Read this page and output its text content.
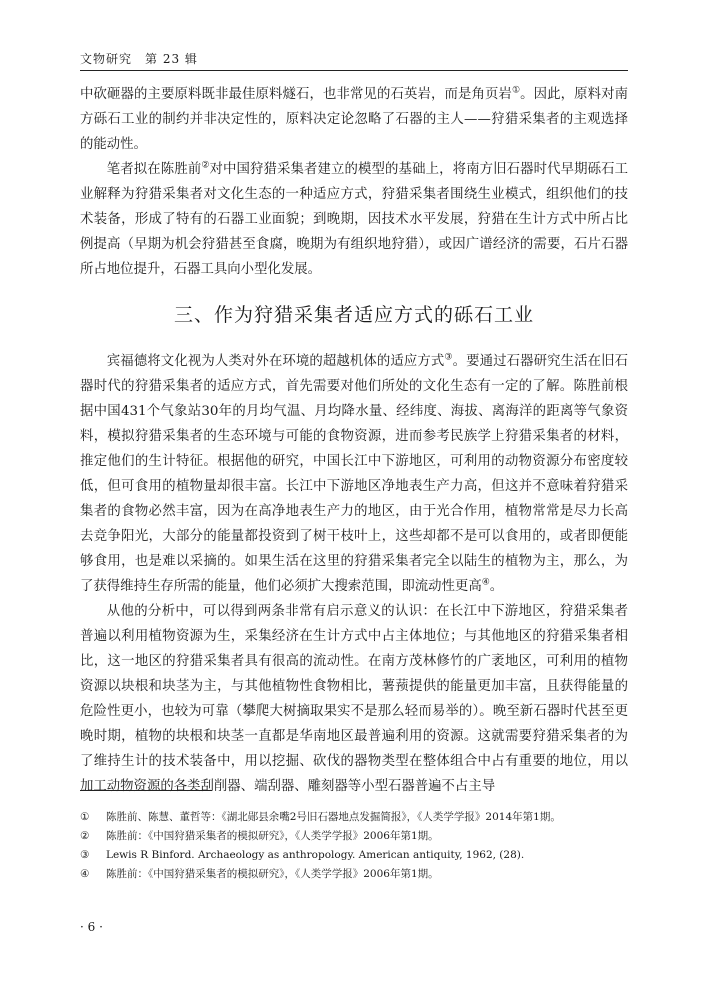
文物研究　第 23 辑

中砍砸器的主要原料既非最佳原料燧石，也非常见的石英岩，而是角页岩①。因此，原料对南方砾石工业的制约并非决定性的，原料决定论忽略了石器的主人——狩猎采集者的主观选择的能动性。

笔者拟在陈胜前②对中国狩猎采集者建立的模型的基础上，将南方旧石器时代早期砾石工业解释为狩猎采集者对文化生态的一种适应方式，狩猎采集者围绕生业模式，组织他们的技术装备，形成了特有的石器工业面貌；到晚期，因技术水平发展，狩猎在生计方式中所占比例提高（早期为机会狩猎甚至食腐，晚期为有组织地狩猎），或因广谱经济的需要，石片石器所占地位提升，石器工具向小型化发展。

三、作为狩猎采集者适应方式的砾石工业

宾福德将文化视为人类对外在环境的超越机体的适应方式③。要通过石器研究生活在旧石器时代的狩猎采集者的适应方式，首先需要对他们所处的文化生态有一定的了解。陈胜前根据中国431个气象站30年的月均气温、月均降水量、经纬度、海拔、离海洋的距离等气象资料，模拟狩猎采集者的生态环境与可能的食物资源，进而参考民族学上狩猎采集者的材料，推定他们的生计特征。根据他的研究，中国长江中下游地区，可利用的动物资源分布密度较低，但可食用的植物量却很丰富。长江中下游地区净地表生产力高，但这并不意味着狩猎采集者的食物必然丰富，因为在高净地表生产力的地区，由于光合作用，植物常常是尽力长高去竞争阳光，大部分的能量都投资到了树干枝叶上，这些却都不是可以食用的，或者即便能够食用，也是难以采摘的。如果生活在这里的狩猎采集者完全以陆生的植物为主，那么，为了获得维持生存所需的能量，他们必须扩大搜索范围，即流动性更高④。

从他的分析中，可以得到两条非常有启示意义的认识：在长江中下游地区，狩猎采集者普遍以利用植物资源为生，采集经济在生计方式中占主体地位；与其他地区的狩猎采集者相比，这一地区的狩猎采集者具有很高的流动性。在南方茂林修竹的广袤地区，可利用的植物资源以块根和块茎为主，与其他植物性食物相比，薯蓣提供的能量更加丰富，且获得能量的危险性更小，也较为可靠（攀爬大树摘取果实不是那么轻而易举的）。晚至新石器时代甚至更晚时期，植物的块根和块茎一直都是华南地区最普遍利用的资源。这就需要狩猎采集者的为了维持生计的技术装备中，用以挖掘、砍伐的器物类型在整体组合中占有重要的地位，用以加工动物资源的各类刮削器、端刮器、雕刻器等小型石器普遍不占主导

①	陈胜前、陈慧、董哲等：《湖北郧县余嘴2号旧石器地点发掘简报》，《人类学学报》2014年第1期。

②	陈胜前：《中国狩猎采集者的模拟研究》，《人类学学报》2006年第1期。

③	Lewis R Binford. Archaeology as anthropology. American antiquity, 1962, (28).

④	陈胜前：《中国狩猎采集者的模拟研究》，《人类学学报》2006年第1期。

· 6 ·
